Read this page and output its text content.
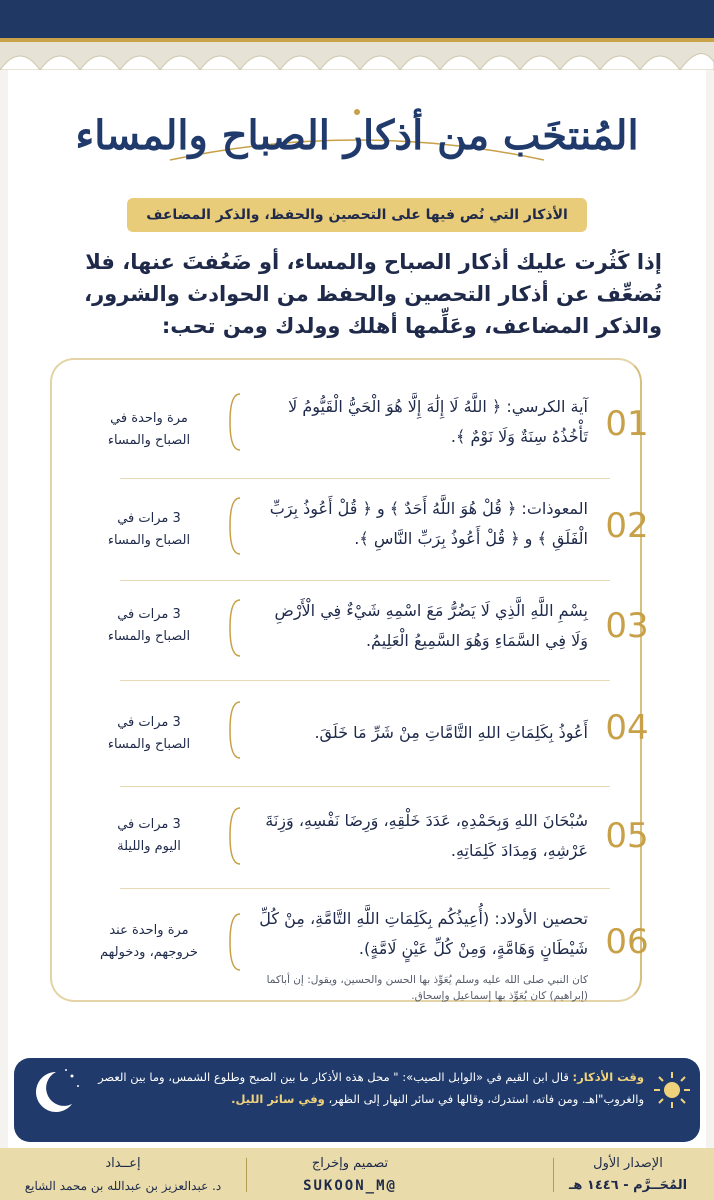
المُنتخَب من أذكار الصباح والمساء
الأذكار التي نُص فيها على التحصين والحفظ، والذكر المضاعف
إذا كَثُرت عليك أذكار الصباح والمساء، أو ضَعُفتَ عنها، فلا تُضعِّف عن أذكار التحصين والحفظ من الحوادث والشرور، والذكر المضاعف، وعَلِّمها أهلك وولدك ومن تحب:
01
آية الكرسي: ﴿ اللَّهُ لَا إِلَٰهَ إِلَّا هُوَ الْحَيُّ الْقَيُّومُ لَا تَأْخُذُهُ سِنَةٌ وَلَا نَوْمٌ ﴾.
مرة واحدة في
الصباح والمساء
02
المعوذات: ﴿ قُلْ هُوَ اللَّهُ أَحَدٌ ﴾ و ﴿ قُلْ أَعُوذُ بِرَبِّ الْفَلَقِ ﴾ و ﴿ قُلْ أَعُوذُ بِرَبِّ النَّاسِ ﴾.
3 مرات في
الصباح والمساء
03
بِسْمِ اللَّهِ الَّذِي لَا يَضُرُّ مَعَ اسْمِهِ شَيْءٌ فِي الْأَرْضِ وَلَا فِي السَّمَاءِ وَهُوَ السَّمِيعُ الْعَلِيمُ.
3 مرات في
الصباح والمساء
04
أَعُوذُ بِكَلِمَاتِ اللهِ التَّامَّاتِ مِنْ شَرِّ مَا خَلَقَ.
3 مرات في
الصباح والمساء
05
سُبْحَانَ اللهِ وَبِحَمْدِهِ، عَدَدَ خَلْقِهِ، وَرِضَا نَفْسِهِ، وَزِنَةَ عَرْشِهِ، وَمِدَادَ كَلِمَاتِهِ.
3 مرات في
اليوم والليلة
06
تحصين الأولاد: (أُعِيذُكُم بِكَلِمَاتِ اللَّهِ التَّامَّةِ، مِنْ كُلِّ شَيْطَانٍ وَهَامَّةٍ، وَمِنْ كُلِّ عَيْنٍ لَامَّةٍ).
كان النبي صلى الله عليه وسلم يُعَوِّذ بها الحسن والحسين، ويقول: إن أباكما (إبراهيم) كان يُعَوِّذ بها إسماعيل وإسحاق.
مرة واحدة عند
خروجهم، ودخولهم
وقت الأذكار: قال ابن القيم في «الوابل الصيب»: " محل هذه الأذكار ما بين الصبح وطلوع الشمس، وما بين العصر والغروب"اهـ. ومن فاته، استدرك، وقالها في سائر النهار إلى الظهر، وفي سائر الليل.
الإصدار الأول
المُحَــرَّم - ١٤٤٦ هـ
تصميم وإخراج
@SUKOON_M
إعــداد
د. عبدالعزيز بن عبدالله بن محمد الشايع
